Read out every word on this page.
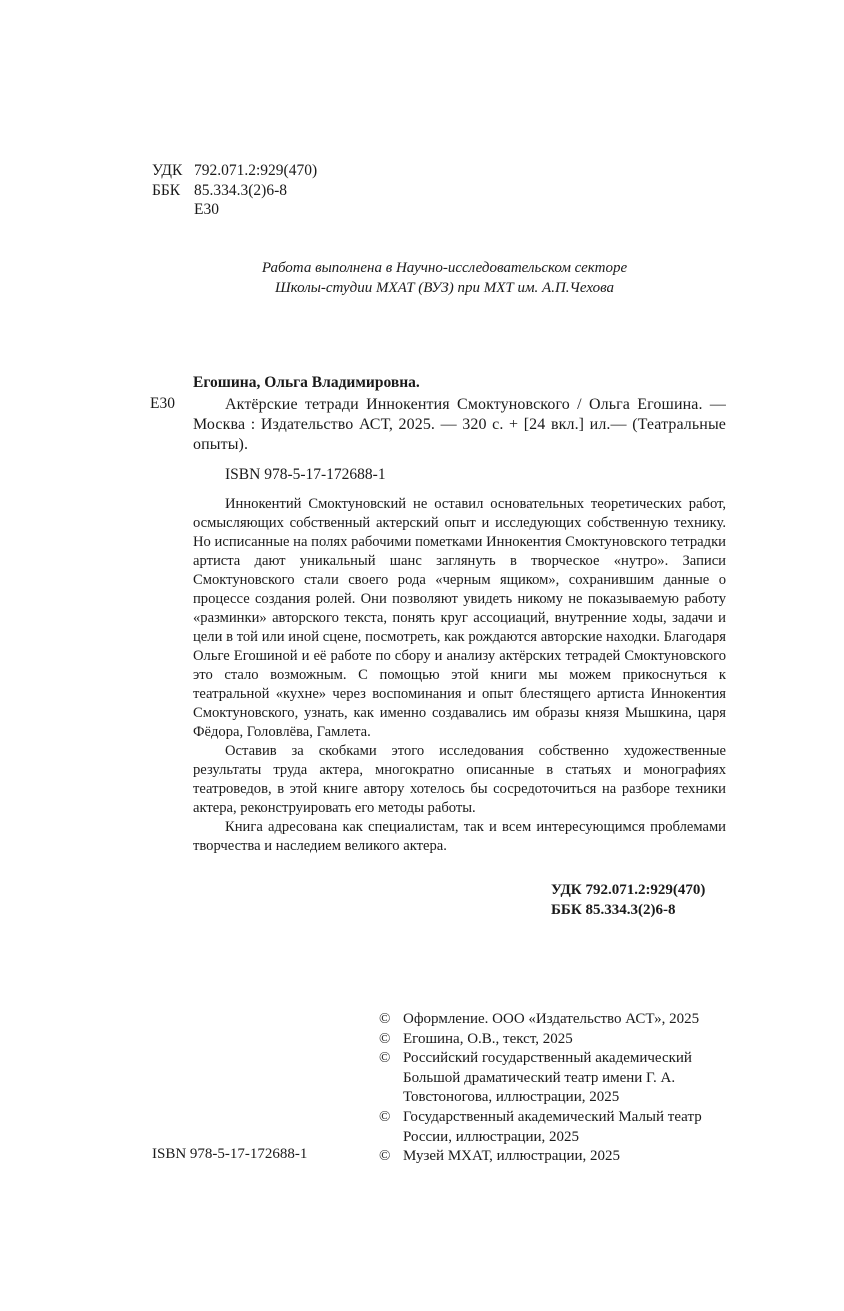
УДК 792.071.2:929(470)
ББК 85.334.3(2)6-8
Е30
Работа выполнена в Научно-исследовательском секторе
Школы-студии МХАТ (ВУЗ) при МХТ им. А.П.Чехова
Е30
Егошина, Ольга Владимировна.
Актёрские тетради Иннокентия Смоктуновского / Ольга Егошина. — Москва : Издательство АСТ, 2025. — 320 с. + [24 вкл.] ил.— (Театральные опыты).
ISBN 978-5-17-172688-1

Иннокентий Смоктуновский не оставил основательных теоретических работ, осмысляющих собственный актерский опыт и исследующих собственную технику. Но исписанные на полях рабочими пометками Иннокентия Смоктуновского тетрадки артиста дают уникальный шанс заглянуть в творческое «нутро». Записи Смоктуновского стали своего рода «черным ящиком», сохранившим данные о процессе создания ролей. Они позволяют увидеть никому не показываемую работу «разминки» авторского текста, понять круг ассоциаций, внутренние ходы, задачи и цели в той или иной сцене, посмотреть, как рождаются авторские находки. Благодаря Ольге Егошиной и её работе по сбору и анализу актёрских тетрадей Смоктуновского это стало возможным. С помощью этой книги мы можем прикоснуться к театральной «кухне» через воспоминания и опыт блестящего артиста Иннокентия Смоктуновского, узнать, как именно создавались им образы князя Мышкина, царя Фёдора, Головлёва, Гамлета.

Оставив за скобками этого исследования собственно художественные результаты труда актера, многократно описанные в статьях и монографиях театроведов, в этой книге автору хотелось бы сосредоточиться на разборе техники актера, реконструировать его методы работы.

Книга адресована как специалистам, так и всем интересующимся проблемами творчества и наследием великого актера.

УДК 792.071.2:929(470)
ББК 85.334.3(2)6-8
© Оформление. ООО «Издательство АСТ», 2025
© Егошина, О.В., текст, 2025
© Российский государственный академический Большой драматический театр имени Г. А. Товстоногова, иллюстрации, 2025
© Государственный академический Малый театр России, иллюстрации, 2025
© Музей МХАТ, иллюстрации, 2025
ISBN 978-5-17-172688-1
